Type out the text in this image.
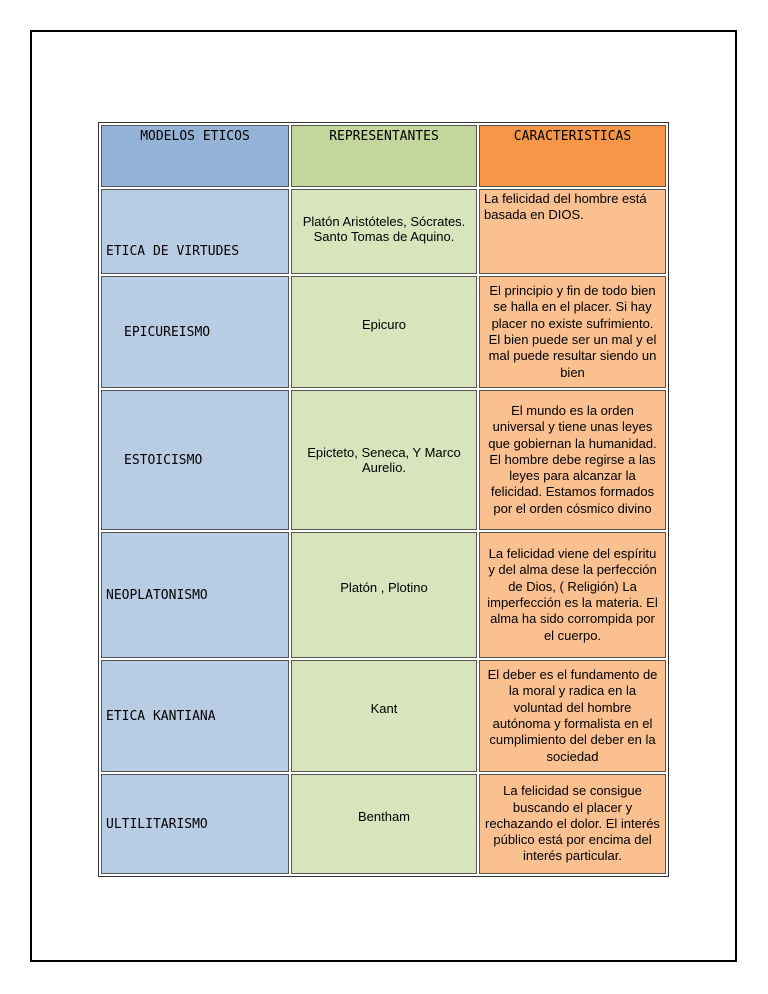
MODELOS ETICOS	REPRESENTANTES	CARACTERISTICAS
ETICA DE VIRTUDES	Platón Aristóteles, Sócrates. Santo Tomas de Aquino.	La felicidad del hombre está basada en DIOS.
EPICUREISMO	Epicuro	El principio y fin de todo bien se halla en el placer. Si hay placer no existe sufrimiento. El bien puede ser un mal y el mal puede resultar siendo un bien
ESTOICISMO	Epicteto, Seneca, Y Marco Aurelio.	El mundo es la orden universal y tiene unas leyes que gobiernan la humanidad. El hombre debe regirse a las leyes para alcanzar la felicidad. Estamos formados por el orden cósmico divino
NEOPLATONISMO	Platón , Plotino	La felicidad viene del espíritu y del alma dese la perfección de Dios, ( Religión) La imperfección es la materia. El alma ha sido corrompida por el cuerpo.
ETICA KANTIANA	Kant	El deber es el fundamento de la moral y radica en la voluntad del hombre autónoma y formalista en el cumplimiento del deber en la sociedad
ULTILITARISMO	Bentham	La felicidad se consigue buscando el placer y rechazando el dolor. El interés público está por encima del interés particular.
